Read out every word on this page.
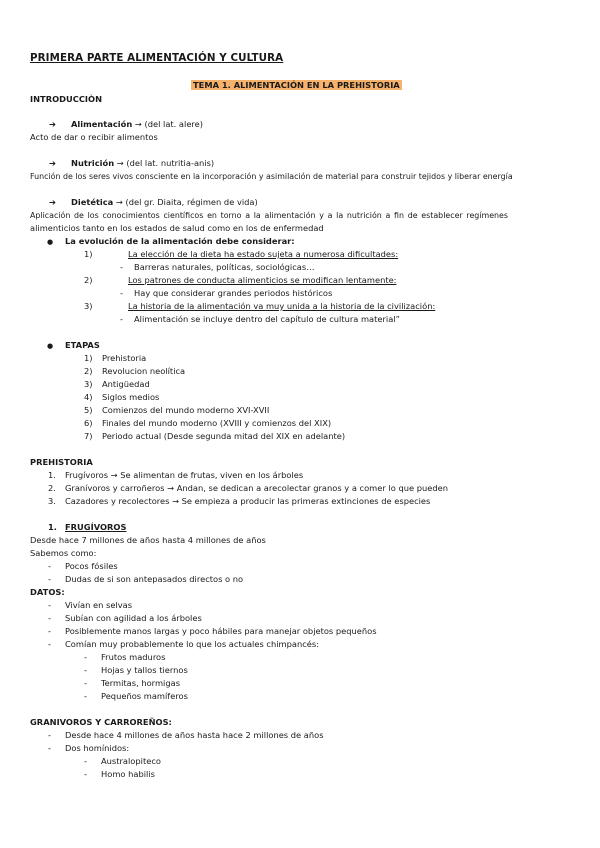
PRIMERA PARTE ALIMENTACIÓN Y CULTURA
TEMA 1. ALIMENTACIÓN EN LA PREHISTORIA
INTRODUCCIÒN
➔ Alimentación → (del lat. alere)
Acto de dar o recibir alimentos
➔ Nutrición → (del lat. nutritia-anis)
Función de los seres vivos consciente en la incorporación y asimilación de material para construir tejidos y liberar energía
➔ Dietética → (del gr. Diaita, régimen de vida)
Aplicación de los conocimientos científicos en torno a la alimentación y a la nutrición a fin de establecer regímenes
alimenticios tanto en los estados de salud como en los de enfermedad
● La evolución de la alimentación debe considerar:
1)	La elección de la dieta ha estado sujeta a numerosa dificultades:
- Barreras naturales, políticas, sociológicas…
2)	Los patrones de conducta alimenticios se modifican lentamente:
- Hay que considerar grandes periodos históricos
3)	La historia de la alimentación va muy unida a la historia de la civilización:
- Alimentación se incluye dentro del capítulo de cultura material”
● ETAPAS
1) Prehistoria
2) Revolucion neolítica
3) Antigüedad
4) Siglos medios
5) Comienzos del mundo moderno XVI-XVII
6) Finales del mundo moderno (XVIII y comienzos del XIX)
7) Periodo actual (Desde segunda mitad del XIX en adelante)
PREHISTORIA
1. Frugívoros → Se alimentan de frutas, viven en los árboles
2. Granívoros y carroñeros → Andan, se dedican a arecolectar granos y a comer lo que pueden
3. Cazadores y recolectores → Se empieza a producir las primeras extinciones de especies
1. FRUGÍVOROS
Desde hace 7 millones de años hasta 4 millones de años
Sabemos como:
- Pocos fósiles
- Dudas de si son antepasados directos o no
DATOS:
- Vivían en selvas
- Subían con agilidad a los árboles
- Posiblemente manos largas y poco hábiles para manejar objetos pequeños
- Comían muy probablemente lo que los actuales chimpancés:
- Frutos maduros
- Hojas y tallos tiernos
- Termitas, hormigas
- Pequeños mamíferos
GRANIVOROS Y CARROREÑOS:
- Desde hace 4 millones de años hasta hace 2 millones de años
- Dos homínidos:
- Australopiteco
- Homo habilis
